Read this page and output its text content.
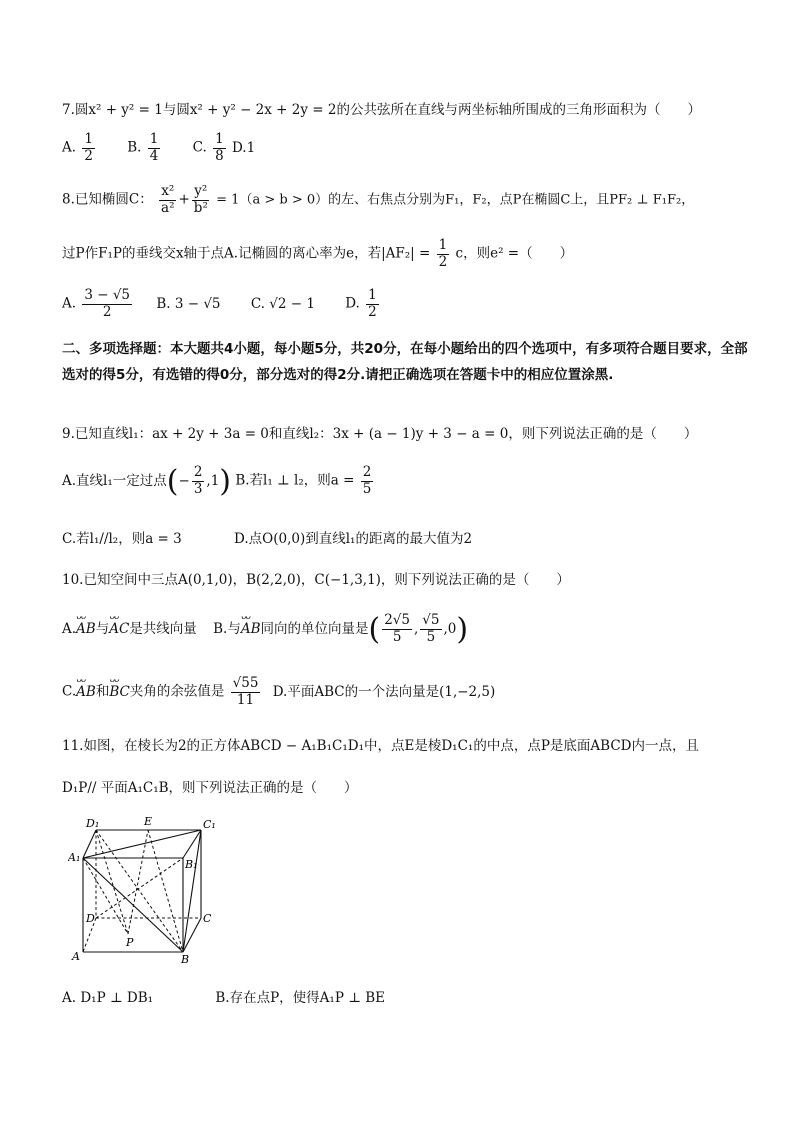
7.圆x² + y² = 1与圆x² + y² − 2x + 2y = 2的公共弦所在直线与两坐标轴所围成的三角形面积为（　　）
A. $\frac{1}{2} B$. $\frac{1}{4} C$. $\frac{1}{8} D.1$
8.已知椭圆C： $\frac{\text{x²}}{\text{a²}} + \frac{\text{y²}}{\text{b²}} = 1(a > b > 0)$的左、右焦点分别为F₁，F₂，点P在椭圆C上，且PF₂ ⊥ F₁F₂，
过P作F₁P的垂线交x轴于点A.记椭圆的离心率为e，若$|AF_2| = \frac{1}{2}$ c，则e² =（　　）
A. $\frac{3 - √5}{2} B$. 3 − √5 C. √2 − 1 D. $\frac{1}{2}$
二、多项选择题：本大题共4小题，每小题5分，共20分，在每小题给出的四个选项中，有多项符合题目要求，全部选对的得5分，有选错的得0分，部分选对的得2分.请把正确选项在答题卡中的相应位置涂黑.
9.已知直线l₁：ax + 2y + 3a = 0和直线l₂：3x + (a − 1)y + 3 − a = 0，则下列说法正确的是（　　）
A.直线l₁一定过点(− $\frac{2}{3} ,1$) B.若l₁ ⊥ l₂，则$a = \frac{2}{5}$
C.若l₁//l₂，则a = 3	D.点O(0,0)到直线l₁的距离的最大值为2
10.已知空间中三点A(0,1,0)，B(2,2,0)，C(−1,3,1)，则下列说法正确的是（　　）
A.ᴗᴗ AB与ᴗᴗ AC是共线向量 B.与ᴗᴗ AB同向的单位向量是( $\frac{2√5}{5}$ , $\frac{√5}{5} ,0$)
C.ᴗᴗ AB和ᴗᴗ BC夹角的余弦值是 $\frac{√55}{11} D$.平面ABC的一个法向量是(1,−2,5)
11.如图，在棱长为2的正方体ABCD − A₁B₁C₁D₁中，点E是棱D₁C₁的中点，点P是底面ABCD内一点，且
D₁P// 平面A₁C₁B，则下列说法正确的是（　　）
D₁	E	C₁
A₁
B₁
D	C
P
A	B
A. D₁P ⊥ DB₁	B.存在点P，使得A₁P ⊥ BE
